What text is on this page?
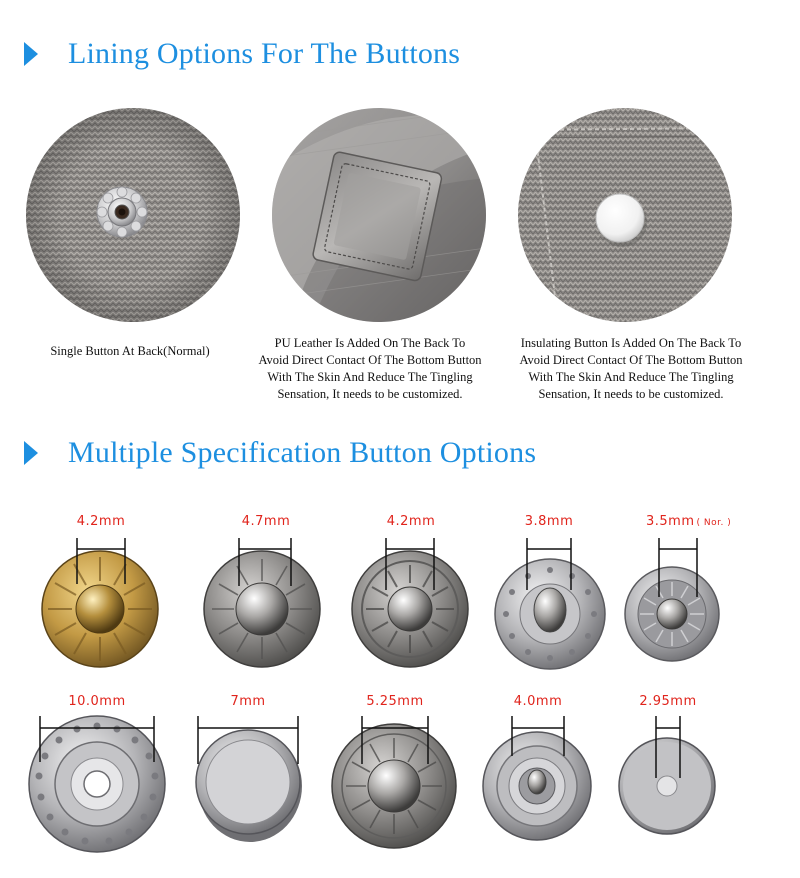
Lining Options For The Buttons
Single Button At Back(Normal)
PU Leather Is Added On The Back To
Avoid Direct Contact Of The Bottom Button
With The Skin And Reduce The Tingling
Sensation, It needs to be customized.
Insulating Button Is Added On The Back To
Avoid Direct Contact Of The Bottom Button
With The Skin And Reduce The Tingling
Sensation, It needs to be customized.
Multiple Specification Button Options
4.2mm	4.7mm	4.2mm	3.8mm	3.5mm ( Nor. )
10.0mm	7mm	5.25mm	4.0mm	2.95mm
